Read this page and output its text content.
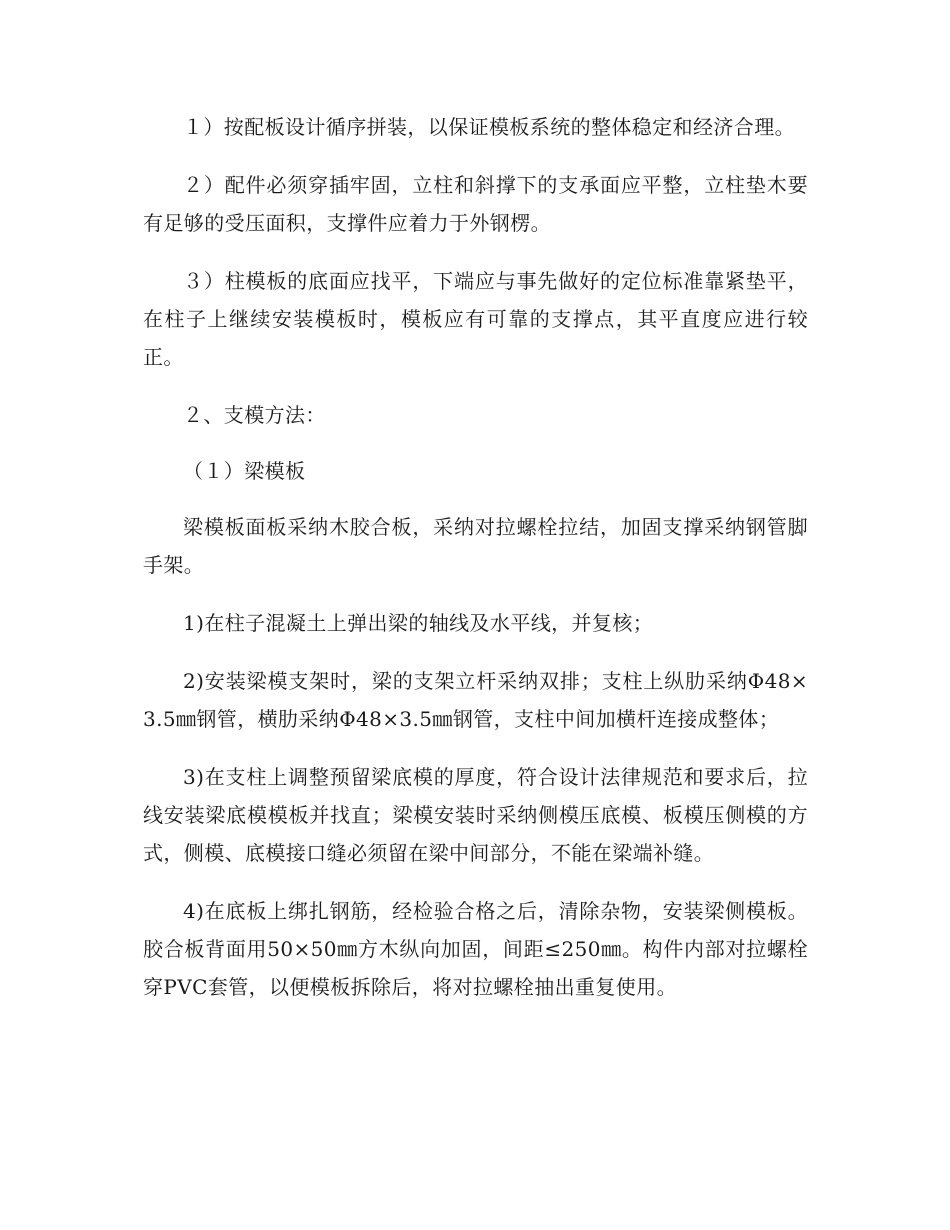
１）按配板设计循序拼装，以保证模板系统的整体稳定和经济合理。

２）配件必须穿插牢固，立柱和斜撑下的支承面应平整，立柱垫木要有足够的受压面积，支撑件应着力于外钢楞。

３）柱模板的底面应找平，下端应与事先做好的定位标准靠紧垫平，在柱子上继续安装模板时，模板应有可靠的支撑点，其平直度应进行较正。

２、支模方法：

（１）梁模板

梁模板面板采纳木胶合板，采纳对拉螺栓拉结，加固支撑采纳钢管脚手架。

1)在柱子混凝土上弹出梁的轴线及水平线，并复核；

2)安装梁模支架时，梁的支架立杆采纳双排；支柱上纵肋采纳Φ48×3.5㎜钢管，横肋采纳Φ48×3.5㎜钢管，支柱中间加横杆连接成整体；

3)在支柱上调整预留梁底模的厚度，符合设计法律规范和要求后，拉线安装梁底模模板并找直；梁模安装时采纳侧模压底模、板模压侧模的方式，侧模、底模接口缝必须留在梁中间部分，不能在梁端补缝。

4)在底板上绑扎钢筋，经检验合格之后，清除杂物，安装梁侧模板。胶合板背面用50×50㎜方木纵向加固，间距≤250㎜。构件内部对拉螺栓穿PVC套管，以便模板拆除后，将对拉螺栓抽出重复使用。
